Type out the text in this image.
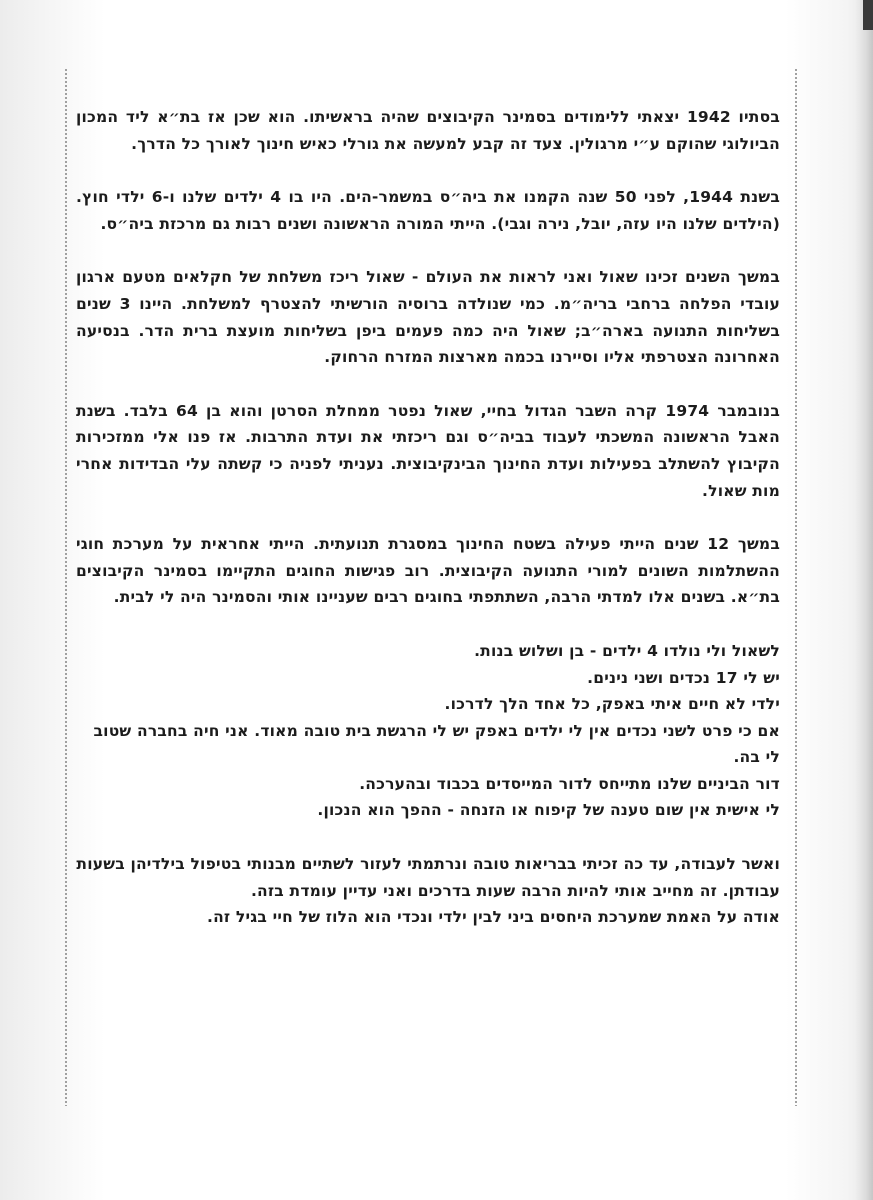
בסתיו 1942 יצאתי ללימודים בסמינר הקיבוצים שהיה בראשיתו. הוא שכן אז בת״א ליד המכון הביולוגי שהוקם ע״י מרגולין. צעד זה קבע למעשה את גורלי כאיש חינוך לאורך כל הדרך.

בשנת 1944, לפני 50 שנה הקמנו את ביה״ס במשמר-הים. היו בו 4 ילדים שלנו ו-6 ילדי חוץ. (הילדים שלנו היו עזה, יובל, נירה וגבי). הייתי המורה הראשונה ושנים רבות גם מרכזת ביה״ס.

במשך השנים זכינו שאול ואני לראות את העולם - שאול ריכז משלחת של חקלאים מטעם ארגון עובדי הפלחה ברחבי בריה״מ. כמי שנולדה ברוסיה הורשיתי להצטרף למשלחת. היינו 3 שנים בשליחות התנועה בארה״ב; שאול היה כמה פעמים ביפן בשליחות מועצת ברית הדר. בנסיעה האחרונה הצטרפתי אליו וסיירנו בכמה מארצות המזרח הרחוק.

בנובמבר 1974 קרה השבר הגדול בחיי, שאול נפטר ממחלת הסרטן והוא בן 64 בלבד. בשנת האבל הראשונה המשכתי לעבוד בביה״ס וגם ריכזתי את ועדת התרבות. אז פנו אלי ממזכירות הקיבוץ להשתלב בפעילות ועדת החינוך הבינקיבוצית. נעניתי לפניה כי קשתה עלי הבדידות אחרי מות שאול.

במשך 12 שנים הייתי פעילה בשטח החינוך במסגרת תנועתית. הייתי אחראית על מערכת חוגי ההשתלמות השונים למורי התנועה הקיבוצית. רוב פגישות החוגים התקיימו בסמינר הקיבוצים בת״א. בשנים אלו למדתי הרבה, השתתפתי בחוגים רבים שעניינו אותי והסמינר היה לי לבית.

לשאול ולי נולדו 4 ילדים - בן ושלוש בנות.
יש לי 17 נכדים ושני נינים.
ילדי לא חיים איתי באפק, כל אחד הלך לדרכו.
אם כי פרט לשני נכדים אין לי ילדים באפק יש לי הרגשת בית טובה מאוד. אני חיה בחברה שטוב לי בה.
דור הביניים שלנו מתייחס לדור המייסדים בכבוד ובהערכה.
לי אישית אין שום טענה של קיפוח או הזנחה - ההפך הוא הנכון.
ואשר לעבודה, עד כה זכיתי בבריאות טובה ונרתמתי לעזור לשתיים מבנותי בטיפול בילדיהן בשעות עבודתן. זה מחייב אותי להיות הרבה שעות בדרכים ואני עדיין עומדת בזה.
אודה על האמת שמערכת היחסים ביני לבין ילדי ונכדי הוא הלוז של חיי בגיל זה.
